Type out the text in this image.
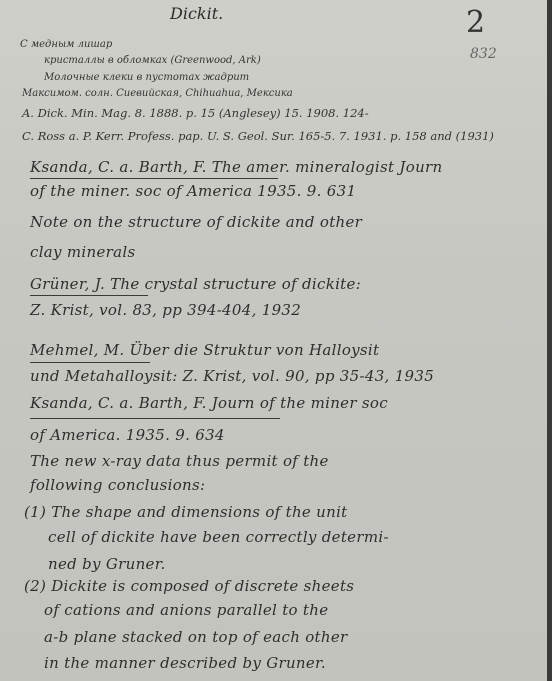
Dickit.	2
832
С медным лишар
кристаллы в обломках (Greenwood, Ark)
Молочные клеки в пустотах жадрит
Максимом. солн. Сиевийская, Chihuahua, Мексика
A. Dick. Min. Mag. 8. 1888. p. 15 (Anglesey) 15. 1908. 124-
C. Ross a. P. Kerr. Profess. pap. U. S. Geol. Sur. 165-5. 7. 1931. p. 158 and (1931)
Ksanda, C. a. Barth, F. The amer. mineralogist Journ
of the miner. soc of America 1935. 9. 631
Note on the structure of dickite and other
clay minerals
Grüner, J. The crystal structure of dickite:
Z. Krist, vol. 83, pp 394-404, 1932
Mehmel, M. Über die Struktur von Halloysit
und Metahalloysit: Z. Krist, vol. 90, pp 35-43, 1935
Ksanda, C. a. Barth, F. Journ of the miner soc
of America. 1935. 9. 634
The new x-ray data thus permit of the
following conclusions:
(1) The shape and dimensions of the unit
cell of dickite have been correctly determi-
ned by Gruner.
(2) Dickite is composed of discrete sheets
of cations and anions parallel to the
a-b plane stacked on top of each other
in the manner described by Gruner.
